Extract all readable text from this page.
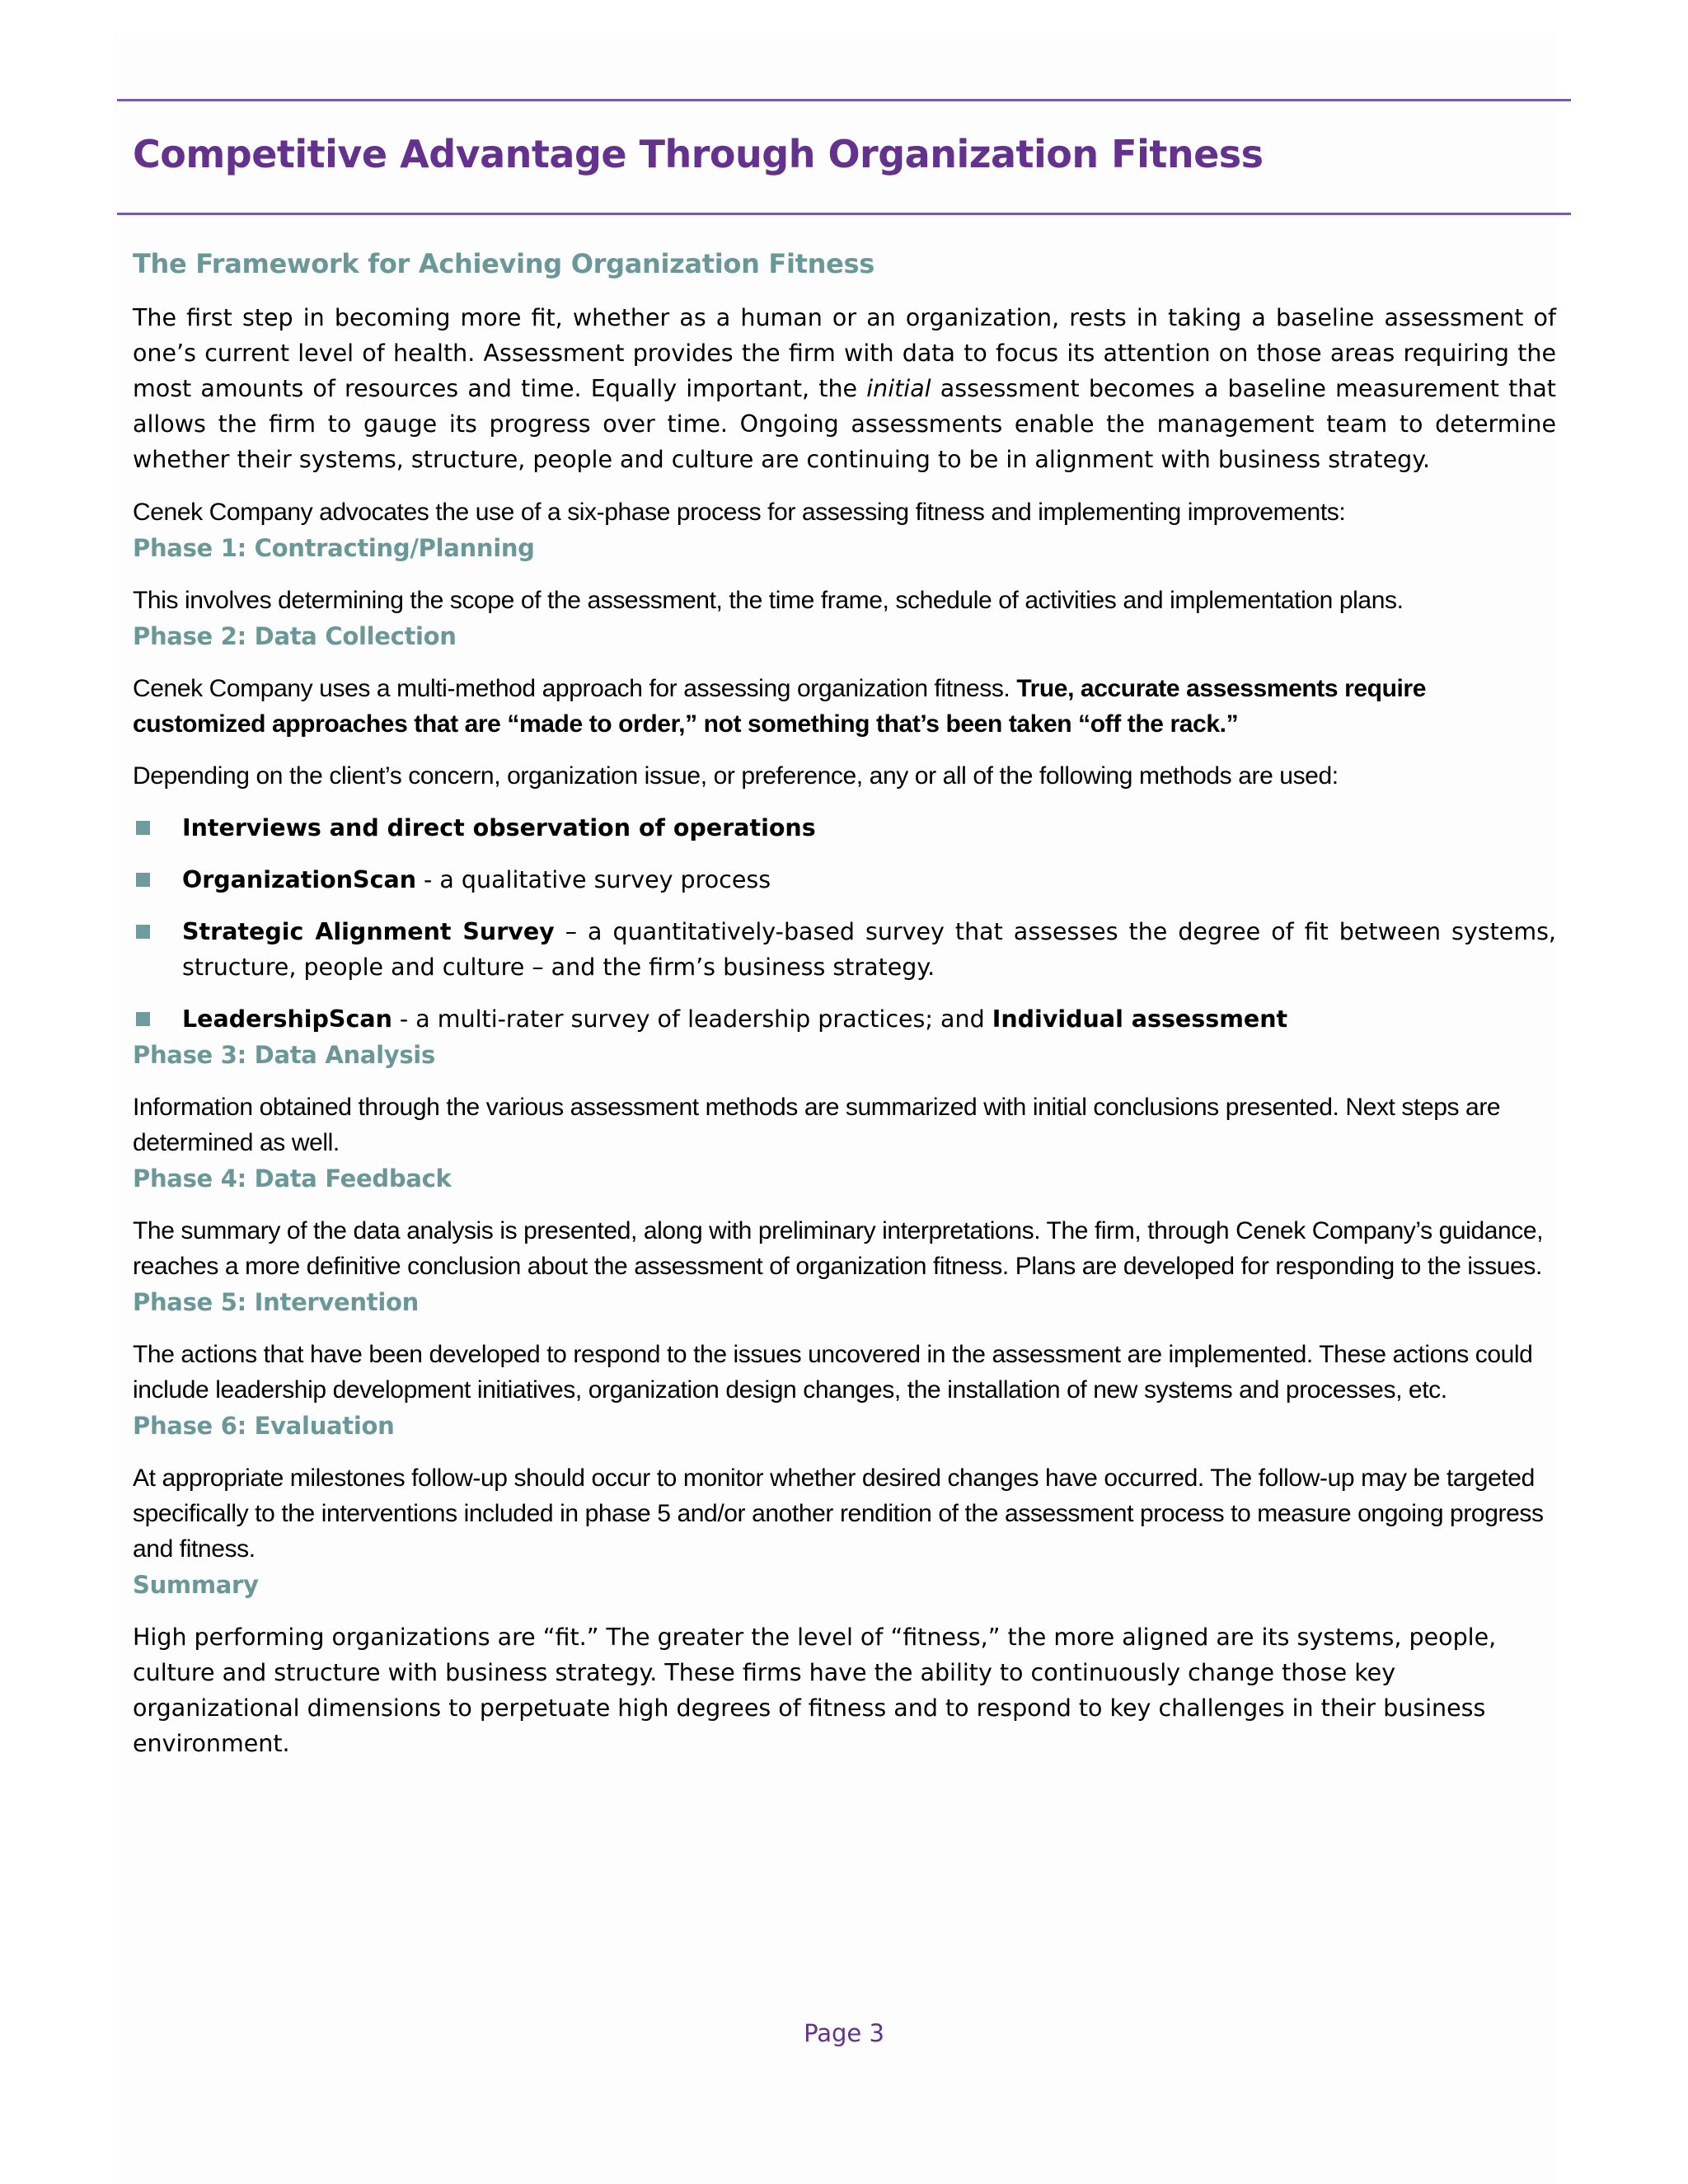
Competitive Advantage Through Organization Fitness
The Framework for Achieving Organization Fitness

The first step in becoming more fit, whether as a human or an organization, rests in taking a baseline assessment of one’s current level of health. Assessment provides the firm with data to focus its attention on those areas requiring the most amounts of resources and time. Equally important, the initial assessment becomes a baseline measurement that allows the firm to gauge its progress over time. Ongoing assessments enable the management team to determine whether their systems, structure, people and culture are continuing to be in alignment with business strategy.

Cenek Company advocates the use of a six-phase process for assessing fitness and implementing improvements:

Phase 1: Contracting/Planning

This involves determining the scope of the assessment, the time frame, schedule of activities and implementation plans.

Phase 2: Data Collection

Cenek Company uses a multi-method approach for assessing organization fitness. True, accurate assessments require customized approaches that are “made to order,” not something that’s been taken “off the rack.”

Depending on the client’s concern, organization issue, or preference, any or all of the following methods are used:

Interviews and direct observation of operations
OrganizationScan - a qualitative survey process
Strategic Alignment Survey – a quantitatively-based survey that assesses the degree of fit between systems, structure, people and culture – and the firm’s business strategy.
LeadershipScan - a multi-rater survey of leadership practices; and Individual assessment
Phase 3: Data Analysis

Information obtained through the various assessment methods are summarized with initial conclusions presented. Next steps are determined as well.

Phase 4: Data Feedback

The summary of the data analysis is presented, along with preliminary interpretations. The firm, through Cenek Company’s guidance, reaches a more definitive conclusion about the assessment of organization fitness. Plans are developed for responding to the issues.

Phase 5: Intervention

The actions that have been developed to respond to the issues uncovered in the assessment are implemented. These actions could include leadership development initiatives, organization design changes, the installation of new systems and processes, etc.

Phase 6: Evaluation

At appropriate milestones follow-up should occur to monitor whether desired changes have occurred. The follow-up may be targeted specifically to the interventions included in phase 5 and/or another rendition of the assessment process to measure ongoing progress and fitness.

Summary

High performing organizations are “fit.” The greater the level of “fitness,” the more aligned are its systems, people, culture and structure with business strategy. These firms have the ability to continuously change those key organizational dimensions to perpetuate high degrees of fitness and to respond to key challenges in their business environment.

Page 3
